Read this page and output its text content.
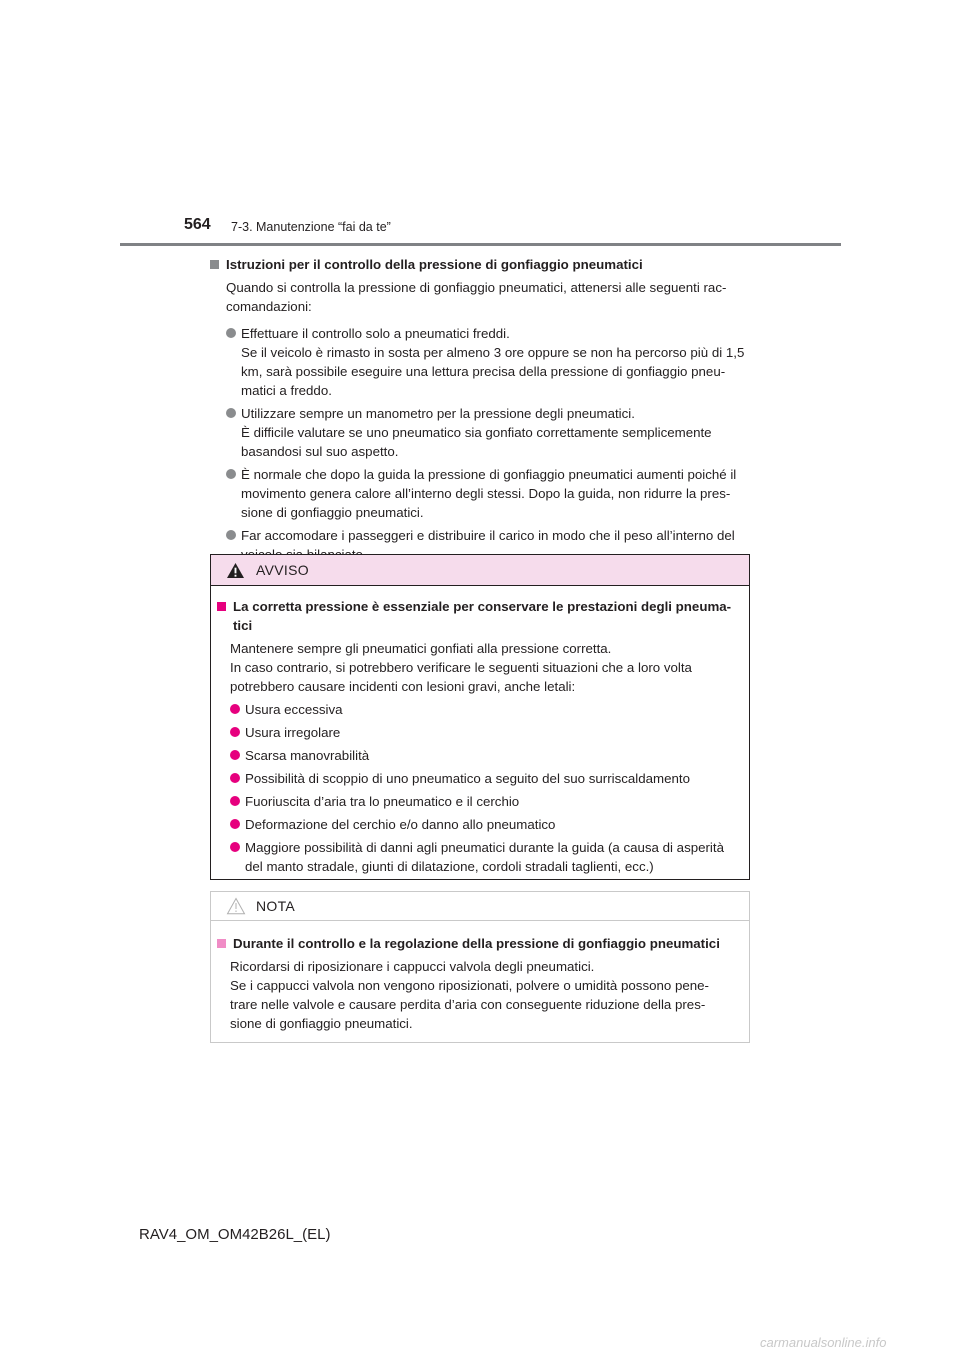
564 7-3. Manutenzione “fai da te”
Istruzioni per il controllo della pressione di gonfiaggio pneumatici
Quando si controlla la pressione di gonfiaggio pneumatici, attenersi alle seguenti rac-
comandazioni:
Effettuare il controllo solo a pneumatici freddi.
Se il veicolo è rimasto in sosta per almeno 3 ore oppure se non ha percorso più di 1,5
km, sarà possibile eseguire una lettura precisa della pressione di gonfiaggio pneu-
matici a freddo.
Utilizzare sempre un manometro per la pressione degli pneumatici.
È difficile valutare se uno pneumatico sia gonfiato correttamente semplicemente
basandosi sul suo aspetto.
È normale che dopo la guida la pressione di gonfiaggio pneumatici aumenti poiché il
movimento genera calore all’interno degli stessi. Dopo la guida, non ridurre la pres-
sione di gonfiaggio pneumatici.
Far accomodare i passeggeri e distribuire il carico in modo che il peso all’interno del
AVVISO
La corretta pressione è essenziale per conservare le prestazioni degli pneuma-
tici
Mantenere sempre gli pneumatici gonfiati alla pressione corretta.
In caso contrario, si potrebbero verificare le seguenti situazioni che a loro volta
potrebbero causare incidenti con lesioni gravi, anche letali:
Usura eccessiva
Usura irregolare
Scarsa manovrabilità
Possibilità di scoppio di uno pneumatico a seguito del suo surriscaldamento
Fuoriuscita d’aria tra lo pneumatico e il cerchio
Deformazione del cerchio e/o danno allo pneumatico
Maggiore possibilità di danni agli pneumatici durante la guida (a causa di asperità
del manto stradale, giunti di dilatazione, cordoli stradali taglienti, ecc.)
NOTA
Durante il controllo e la regolazione della pressione di gonfiaggio pneumatici
Ricordarsi di riposizionare i cappucci valvola degli pneumatici.
Se i cappucci valvola non vengono riposizionati, polvere o umidità possono pene-
trare nelle valvole e causare perdita d’aria con conseguente riduzione della pres-
sione di gonfiaggio pneumatici.
RAV4_OM_OM42B26L_(EL)
carmanualsonline.info
